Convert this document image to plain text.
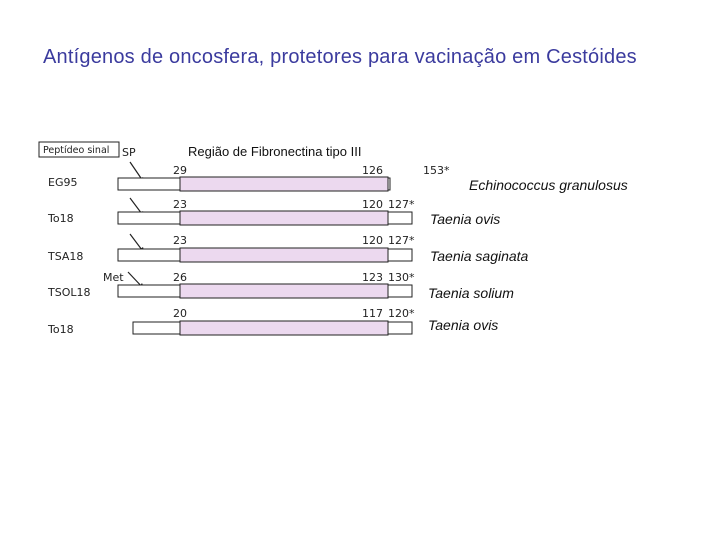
Antígenos de oncosfera, protetores para vacinação em Cestóides
Peptídeo sinal SP	Região de Fibronectina tipo III
EG95
29	126	153*
Echinococcus granulosus
To18
23	120 127*
Taenia ovis
TSA18
23	120 127*
Taenia saginata
TSOL18
Met	26	123 130*
Taenia solium
To18
20	117 120*
Taenia ovis
